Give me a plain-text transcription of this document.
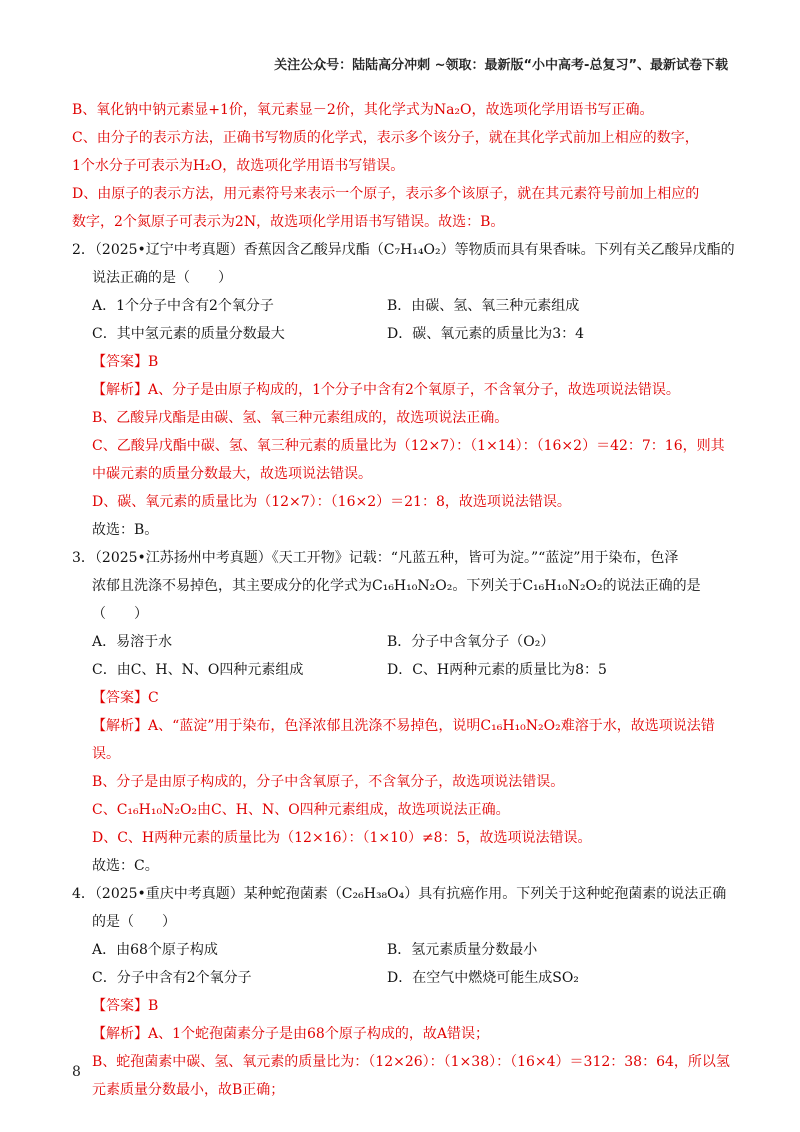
关注公众号：陆陆高分冲刺 ~领取：最新版“小中高考-总复习”、最新试卷下载
B、氧化钠中钠元素显+1价，氧元素显－2价，其化学式为Na₂O，故选项化学用语书写正确。
C、由分子的表示方法，正确书写物质的化学式，表示多个该分子，就在其化学式前加上相应的数字，
1个水分子可表示为H₂O，故选项化学用语书写错误。
D、由原子的表示方法，用元素符号来表示一个原子，表示多个该原子，就在其元素符号前加上相应的
数字，2个氮原子可表示为2N，故选项化学用语书写错误。故选：B。
2．（2025•辽宁中考真题）香蕉因含乙酸异戊酯（C₇H₁₄O₂）等物质而具有果香味。下列有关乙酸异戊酯的
说法正确的是（　　）
A．1个分子中含有2个氧分子	B．由碳、氢、氧三种元素组成
C．其中氢元素的质量分数最大	D．碳、氧元素的质量比为3：4
【答案】B
【解析】A、分子是由原子构成的，1个分子中含有2个氧原子，不含氧分子，故选项说法错误。
B、乙酸异戊酯是由碳、氢、氧三种元素组成的，故选项说法正确。
C、乙酸异戊酯中碳、氢、氧三种元素的质量比为（12×7）：（1×14）：（16×2）＝42：7：16，则其
中碳元素的质量分数最大，故选项说法错误。
D、碳、氧元素的质量比为（12×7）：（16×2）＝21：8，故选项说法错误。
故选：B。
3．（2025•江苏扬州中考真题）《天工开物》记载：“凡蓝五种，皆可为淀。”“蓝淀”用于染布，色泽
浓郁且洗涤不易掉色，其主要成分的化学式为C₁₆H₁₀N₂O₂。下列关于C₁₆H₁₀N₂O₂的说法正确的是
（　　）
A．易溶于水	B．分子中含氧分子（O₂）
C．由C、H、N、O四种元素组成	D．C、H两种元素的质量比为8：5
【答案】C
【解析】A、“蓝淀”用于染布，色泽浓郁且洗涤不易掉色，说明C₁₆H₁₀N₂O₂难溶于水，故选项说法错
误。
B、分子是由原子构成的，分子中含氧原子，不含氧分子，故选项说法错误。
C、C₁₆H₁₀N₂O₂由C、H、N、O四种元素组成，故选项说法正确。
D、C、H两种元素的质量比为（12×16）：（1×10）≠8：5，故选项说法错误。
故选：C。
4．（2025•重庆中考真题）某种蛇孢菌素（C₂₆H₃₈O₄）具有抗癌作用。下列关于这种蛇孢菌素的说法正确
的是（　　）
A．由68个原子构成	B．氢元素质量分数最小
C．分子中含有2个氧分子	D．在空气中燃烧可能生成SO₂
【答案】B
【解析】A、1个蛇孢菌素分子是由68个原子构成的，故A错误；
B、蛇孢菌素中碳、氢、氧元素的质量比为：（12×26）：（1×38）：（16×4）＝312：38：64，所以氢
元素质量分数最小，故B正确；
8
